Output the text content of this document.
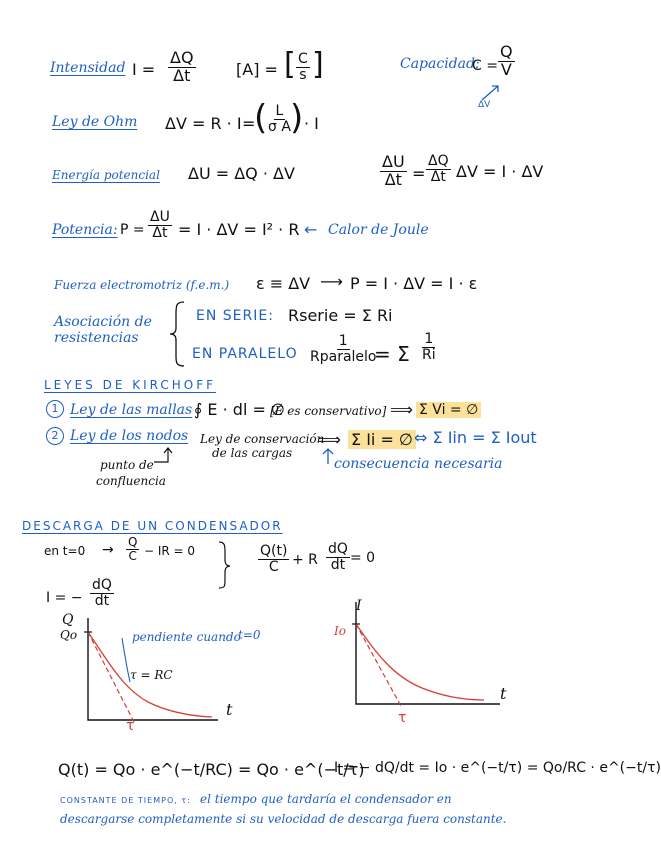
Intensidad $I = \frac{\Delta Q}{\Delta t}$	[A] = [ $\frac{C}{s}$ ]	Capacidad:
$C = \frac{Q}{V}$
ΔV
Ley de Ohm ΔV = R · I =
(
$\frac{L}{\text{σ A}}$
) · I
Energía potencial ΔU = ΔQ · ΔV	$\frac{\Delta U}{\Delta t} = \frac{\Delta Q}{\Delta t}$ ΔV = I · ΔV
Potencia: $P = \frac{\Delta U}{\Delta t} = I \cdot \Delta V = I^2 \cdot R$ ← Calor de Joule
Fuerza electromotriz (f.e.m.) ε ≡ ΔV ⟶ P = I · ΔV = I · ε
Asociación de
resistencias
EN SERIE: Rserie = Σ Ri
EN PARALELO
1
Rparalelo
= Σ $\frac{1}{Ri}$
LEYES DE KIRCHOFF
1 Ley de las mallas ∮ E · dl = ∅
[E es conservativo] ⟹ Σ Vi = ∅
2 Ley de los nodos Ley de conservación
de las cargas
⟹ Σ Ii = ∅ ⇔ Σ Iin = Σ Iout
punto de
confluencia
consecuencia necesaria
DESCARGA DE UN CONDENSADOR
en $t=0 \to \frac{Q}{C}$ − IR = 0	$\frac{Q(t)}{C} + R \frac{dQ}{dt} = 0$
I = − $\frac{dQ}{dt}$
Q
Qo
t
τ
τ = RC
pendiente cuando
t=0
I
Io
t
τ
Q(t) = Qo · e^(−t/RC) = Qo · e^(−t/τ)
I = − dQ/dt = Io · e^(−t/τ) = Qo/RC · e^(−t/τ)
CONSTANTE DE TIEMPO, τ: el tiempo que tardaría el condensador en
descargarse completamente si su velocidad de descarga fuera constante.
